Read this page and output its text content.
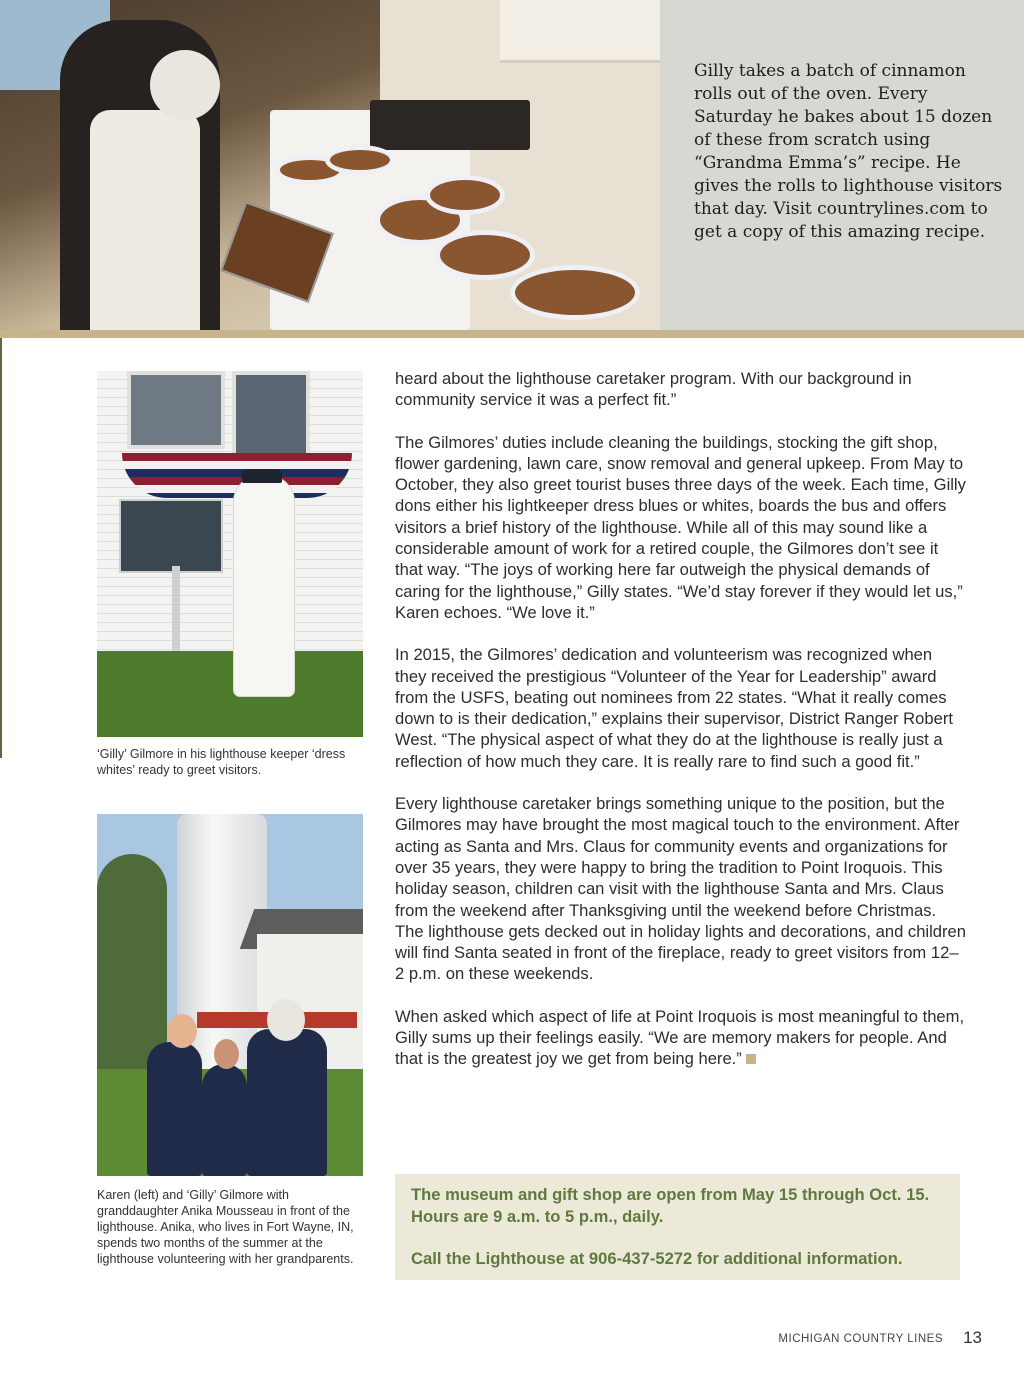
Gilly takes a batch of cinnamon rolls out of the oven. Every Saturday he bakes about 15 dozen of these from scratch using “Grandma Emma’s” recipe. He gives the rolls to lighthouse visitors that day. Visit countrylines.com to get a copy of this amazing recipe.

‘Gilly’ Gilmore in his lighthouse keeper ‘dress whites’ ready to greet visitors.

Karen (left) and ‘Gilly’ Gilmore with granddaughter Anika Mousseau in front of the lighthouse. Anika, who lives in Fort Wayne, IN, spends two months of the summer at the lighthouse volunteering with her grandparents.

heard about the lighthouse caretaker program. With our background in community service it was a perfect fit.”

The Gilmores’ duties include cleaning the buildings, stocking the gift shop, flower gardening, lawn care, snow removal and general upkeep. From May to October, they also greet tourist buses three days of the week. Each time, Gilly dons either his lightkeeper dress blues or whites, boards the bus and offers visitors a brief history of the lighthouse. While all of this may sound like a considerable amount of work for a retired couple, the Gilmores don’t see it that way. “The joys of working here far outweigh the physical demands of caring for the lighthouse,” Gilly states. “We’d stay forever if they would let us,” Karen echoes. “We love it.”

In 2015, the Gilmores’ dedication and volunteerism was recognized when they received the prestigious “Volunteer of the Year for Leadership” award from the USFS, beating out nominees from 22 states. “What it really comes down to is their dedication,” explains their supervisor, District Ranger Robert West. “The physical aspect of what they do at the lighthouse is really just a reflection of how much they care. It is really rare to find such a good fit.”

Every lighthouse caretaker brings something unique to the position, but the Gilmores may have brought the most magical touch to the environment. After acting as Santa and Mrs. Claus for community events and organizations for over 35 years, they were happy to bring the tradition to Point Iroquois. This holiday season, children can visit with the lighthouse Santa and Mrs. Claus from the weekend after Thanksgiving until the weekend before Christmas. The lighthouse gets decked out in holiday lights and decorations, and children will find Santa seated in front of the fireplace, ready to greet visitors from 12–2 p.m. on these weekends.

When asked which aspect of life at Point Iroquois is most meaningful to them, Gilly sums up their feelings easily. “We are memory makers for people. And that is the greatest joy we get from being here.”

The museum and gift shop are open from May 15 through Oct. 15. Hours are 9 a.m. to 5 p.m., daily.

Call the Lighthouse at 906-437-5272 for additional information.

MICHIGAN COUNTRY LINES 13
